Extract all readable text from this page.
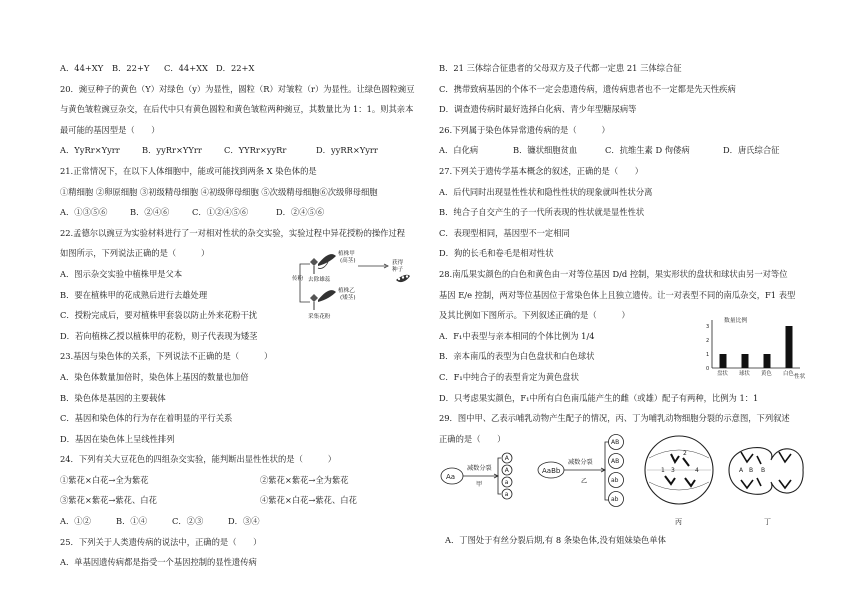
A．44+XY	B．22+Y	C．44+XX D．22+X
20．豌豆种子的黄色（Y）对绿色（y）为显性，圆粒（R）对皱粒（r）为显性。让绿色圆粒豌豆
与黄色皱粒豌豆杂交，在后代中只有黄色圆粒和黄色皱粒两种豌豆，其数量比为 1：1。则其亲本
最可能的基因型是（　　）
A．YyRr×Yyrr	B．yyRr×YYrr	C．YYRr×yyRr	D．yyRR×Yyrr
21.正常情况下，在以下人体细胞中，能或可能找到两条 X 染色体的是
①精细胞 ②卵原细胞 ③初级精母细胞 ④初级卵母细胞 ⑤次级精母细胞⑥次级卵母细胞
A．①③⑤⑥	B．②④⑥	C．①②④⑤⑥	D．②④⑤⑥
22.孟德尔以豌豆为实验材料进行了一对相对性状的杂交实验，实验过程中异花授粉的操作过程
如图所示，下列说法正确的是（　　　）
A．图示杂交实验中植株甲是父本
B．要在植株甲的花成熟后进行去雄处理
C．授粉完成后，要对植株甲套袋以防止外来花粉干扰
D．若向植株乙授以植株甲的花粉，则子代表现为矮茎
23.基因与染色体的关系，下列说法不正确的是（　　　）
A．染色体数量加倍时，染色体上基因的数量也加倍
B．染色体是基因的主要载体
C．基因和染色体的行为存在着明显的平行关系
D．基因在染色体上呈线性排列
24．下列有关大豆花色的四组杂交实验，能判断出显性性状的是（　　　）
①紫花×白花→全为紫花	②紫花×紫花→全为紫花
③紫花×紫花→紫花、白花	④紫花×白花→紫花、白花
A．①②	B．①④	C．②③	D．③④
25．下列关于人类遗传病的说法中，正确的是（　　）
A．单基因遗传病都是指受一个基因控制的显性遗传病
传粉
植株甲
(高茎)
去除雄蕊
植株乙
(矮茎)
采集花粉
获得
种子
B．21 三体综合征患者的父母双方及子代都一定患 21 三体综合征
C．携带致病基因的个体不一定会患遗传病，遗传病患者也不一定都是先天性疾病
D．调查遗传病时最好选择白化病、青少年型糖尿病等
26.下列属于染色体异常遗传病的是（　　　）
A．白化病	B．镰状细胞贫血	C．抗维生素 D 佝偻病	D．唐氏综合征
27.下列关于遗传学基本概念的叙述，正确的是（　　）
A．后代同时出现显性性状和隐性性状的现象就叫性状分离
B．纯合子自交产生的子一代所表现的性状就是显性性状
C．表现型相同，基因型不一定相同
D．狗的长毛和卷毛是相对性状
28.南瓜果实颜色的白色和黄色由一对等位基因 D/d 控制，果实形状的盘状和球状由另一对等位
基因 E/e 控制，两对等位基因位于常染色体上且独立遗传。让一对表型不同的南瓜杂交，F1 表型
及其比例如下图所示。下列叙述正确的是（　　　）
A．F₁中表型与亲本相同的个体比例为 1/4
B．亲本南瓜的表型为白色盘状和白色球状
C．F₁中纯合子的表型肯定为黄色盘状
D．只考虑果实颜色，F₁中所有白色南瓜能产生的雌（或雄）配子有两种，比例为 1：1
29．图中甲、乙表示哺乳动物产生配子的情况，丙、丁为哺乳动物细胞分裂的示意图，下列叙述
正确的是（　　）
数量比例
0
1
2
3
盘状 球状 黄色 白色 性状
Aa
减数分裂
甲
A
A
a
a
AaBb
减数分裂
乙
AB
AB
ab
ab
1
2
3	4
丙
A B B
丁
A．丁图处于有丝分裂后期,有 8 条染色体,没有姐妹染色单体
